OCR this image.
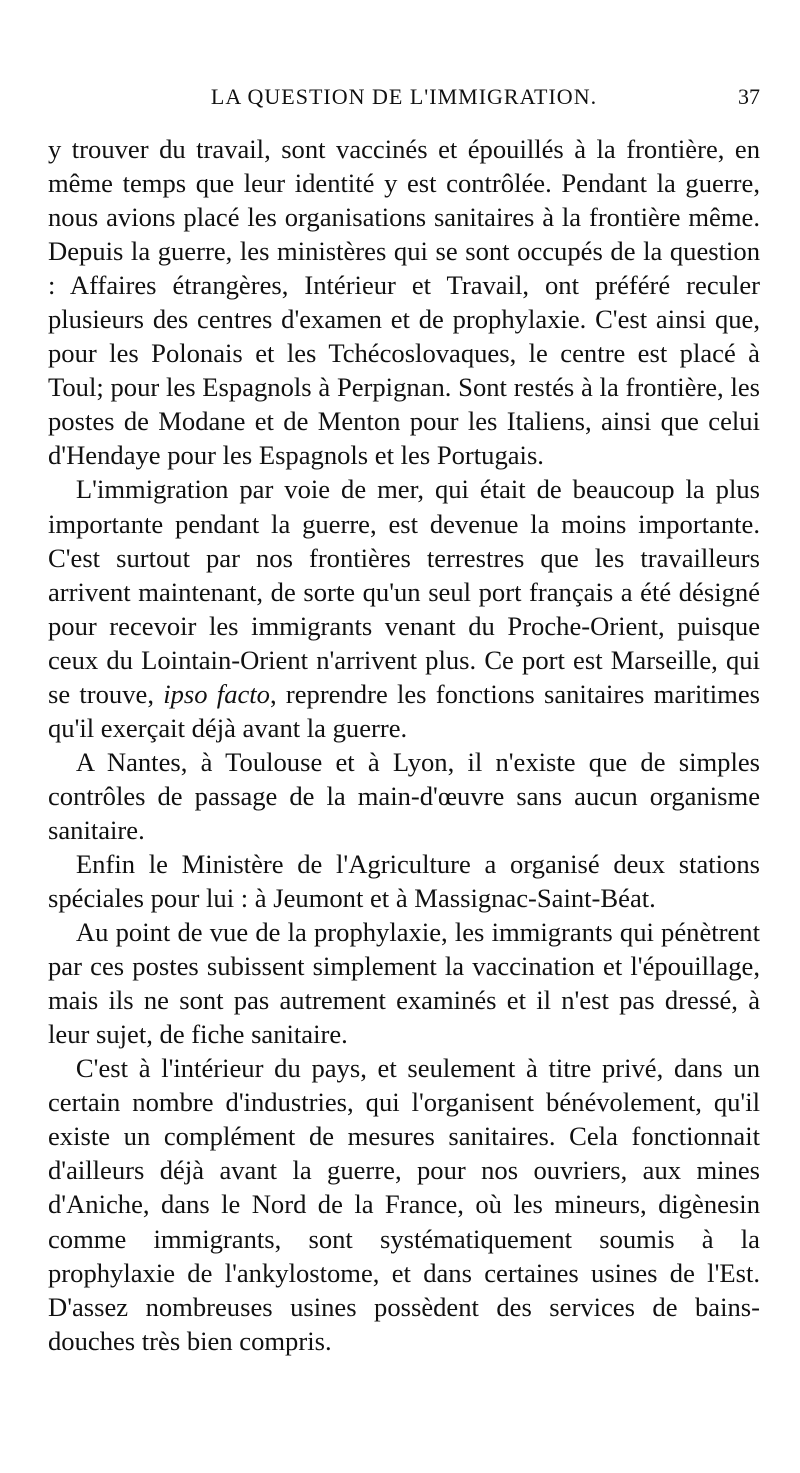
LA QUESTION DE L'IMMIGRATION.	37

y trouver du travail, sont vaccinés et épouillés à la frontière, en même temps que leur identité y est contrôlée. Pendant la guerre, nous avions placé les organisations sanitaires à la frontière même. Depuis la guerre, les ministères qui se sont occupés de la question : Affaires étrangères, Intérieur et Travail, ont préféré reculer plusieurs des centres d'examen et de prophylaxie. C'est ainsi que, pour les Polonais et les Tchécoslovaques, le centre est placé à Toul; pour les Espagnols à Perpignan. Sont restés à la frontière, les postes de Modane et de Menton pour les Italiens, ainsi que celui d'Hendaye pour les Espagnols et les Portugais.

L'immigration par voie de mer, qui était de beaucoup la plus importante pendant la guerre, est devenue la moins importante. C'est surtout par nos frontières terrestres que les travailleurs arrivent maintenant, de sorte qu'un seul port français a été désigné pour recevoir les immigrants venant du Proche-Orient, puisque ceux du Lointain-Orient n'arrivent plus. Ce port est Marseille, qui se trouve, ipso facto, reprendre les fonctions sanitaires maritimes qu'il exerçait déjà avant la guerre.

A Nantes, à Toulouse et à Lyon, il n'existe que de simples contrôles de passage de la main-d'œuvre sans aucun organisme sanitaire.

Enfin le Ministère de l'Agriculture a organisé deux stations spéciales pour lui : à Jeumont et à Massignac-Saint-Béat.

Au point de vue de la prophylaxie, les immigrants qui pénètrent par ces postes subissent simplement la vaccination et l'épouillage, mais ils ne sont pas autrement examinés et il n'est pas dressé, à leur sujet, de fiche sanitaire.

C'est à l'intérieur du pays, et seulement à titre privé, dans un certain nombre d'industries, qui l'organisent bénévolement, qu'il existe un complément de mesures sanitaires. Cela fonctionnait d'ailleurs déjà avant la guerre, pour nos ouvriers, aux mines d'Aniche, dans le Nord de la France, où les mineurs, digènesin comme immigrants, sont systématiquement soumis à la prophylaxie de l'ankylostome, et dans certaines usines de l'Est. D'assez nombreuses usines possèdent des services de bains-douches très bien compris.
